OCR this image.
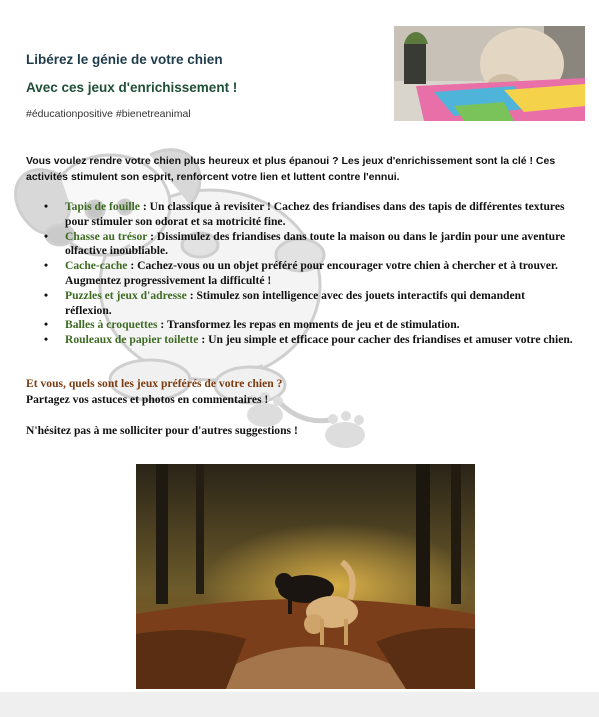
Libérez le génie de votre chien
Avec ces jeux d'enrichissement !
#éducationpositive #bienetreanimal
Vous voulez rendre votre chien plus heureux et plus épanoui ? Les jeux d'enrichissement sont la clé ! Ces activités stimulent son esprit, renforcent votre lien et luttent contre l'ennui.
• Tapis de fouille : Un classique à revisiter ! Cachez des friandises dans des tapis de différentes textures pour stimuler son odorat et sa motricité fine.
• Chasse au trésor : Dissimulez des friandises dans toute la maison ou dans le jardin pour une aventure olfactive inoubliable.
• Cache-cache : Cachez-vous ou un objet préféré pour encourager votre chien à chercher et à trouver. Augmentez progressivement la difficulté !
• Puzzles et jeux d'adresse : Stimulez son intelligence avec des jouets interactifs qui demandent réflexion.
• Balles à croquettes : Transformez les repas en moments de jeu et de stimulation.
• Rouleaux de papier toilette : Un jeu simple et efficace pour cacher des friandises et amuser votre chien.
Et vous, quels sont les jeux préférés de votre chien ?
Partagez vos astuces et photos en commentaires !
N'hésitez pas à me solliciter pour d'autres suggestions !
